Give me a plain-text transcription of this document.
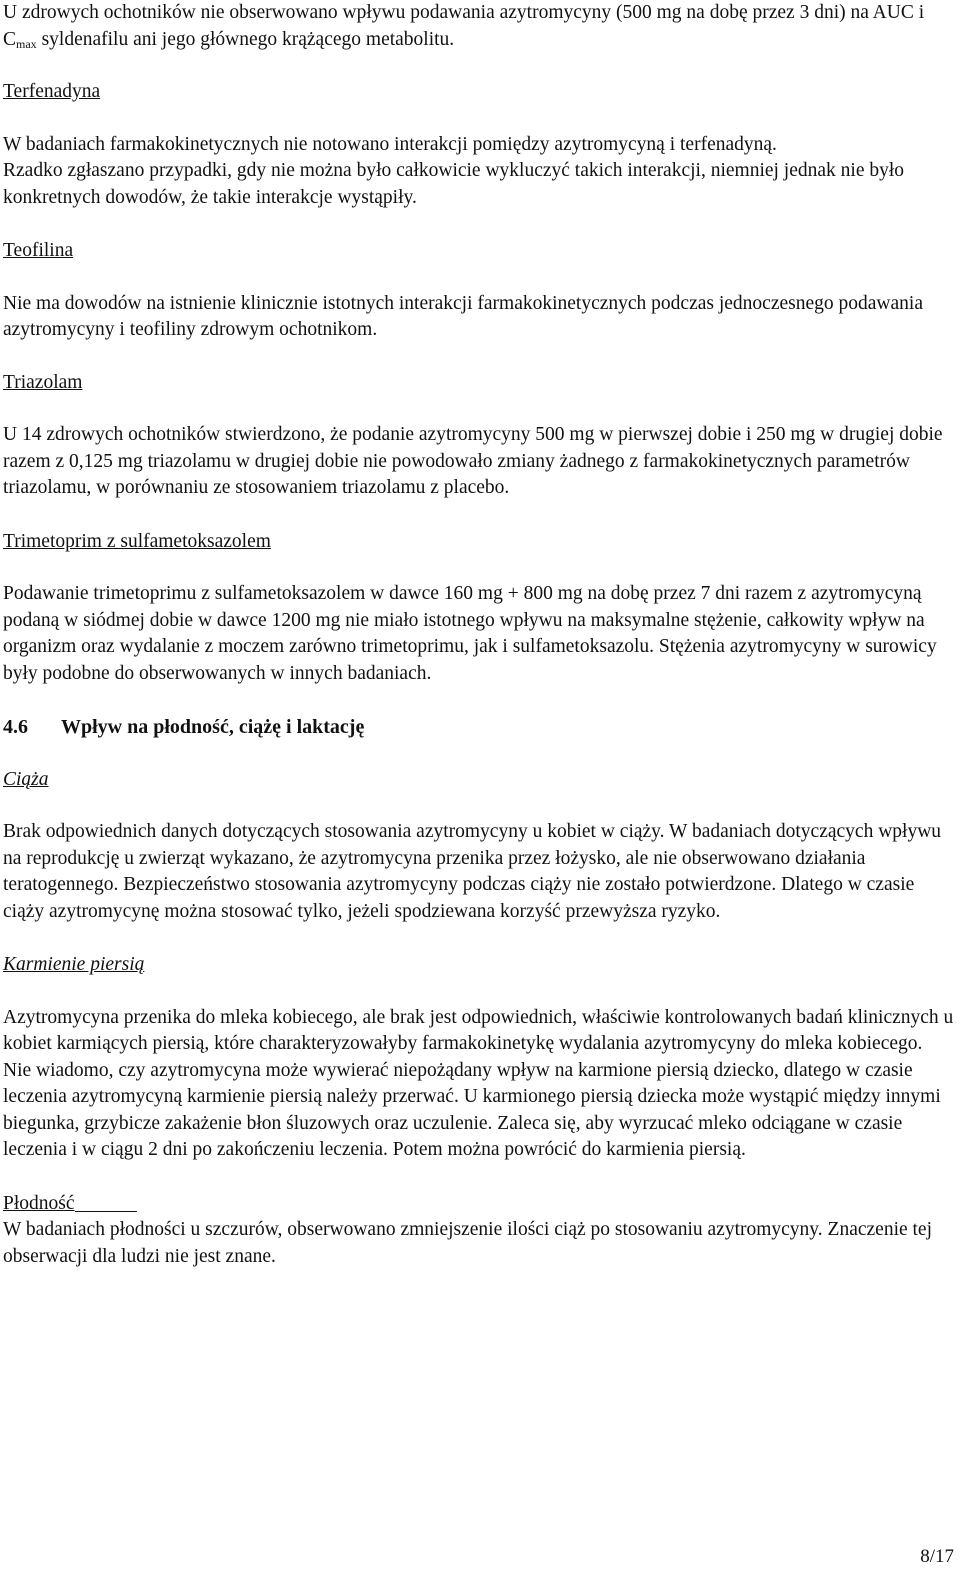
U zdrowych ochotników nie obserwowano wpływu podawania azytromycyny (500 mg na dobę przez 3 dni) na AUC i $C_{max}$ syldenafilu ani jego głównego krążącego metabolitu.

Terfenadyna

W badaniach farmakokinetycznych nie notowano interakcji pomiędzy azytromycyną i terfenadyną.

Rzadko zgłaszano przypadki, gdy nie można było całkowicie wykluczyć takich interakcji, niemniej jednak nie było konkretnych dowodów, że takie interakcje wystąpiły.

Teofilina

Nie ma dowodów na istnienie klinicznie istotnych interakcji farmakokinetycznych podczas jednoczesnego podawania azytromycyny i teofiliny zdrowym ochotnikom.

Triazolam

U 14 zdrowych ochotników stwierdzono, że podanie azytromycyny 500 mg w pierwszej dobie i 250 mg w drugiej dobie razem z 0,125 mg triazolamu w drugiej dobie nie powodowało zmiany żadnego z farmakokinetycznych parametrów triazolamu, w porównaniu ze stosowaniem triazolamu z placebo.

Trimetoprim z sulfametoksazolem

Podawanie trimetoprimu z sulfametoksazolem w dawce 160 mg + 800 mg na dobę przez 7 dni razem z azytromycyną podaną w siódmej dobie w dawce 1200 mg nie miało istotnego wpływu na maksymalne stężenie, całkowity wpływ na organizm oraz wydalanie z moczem zarówno trimetoprimu, jak i sulfametoksazolu. Stężenia azytromycyny w surowicy były podobne do obserwowanych w innych badaniach.

4.6 Wpływ na płodność, ciążę i laktację

Ciąża

Brak odpowiednich danych dotyczących stosowania azytromycyny u kobiet w ciąży. W badaniach dotyczących wpływu na reprodukcję u zwierząt wykazano, że azytromycyna przenika przez łożysko, ale nie obserwowano działania teratogennego. Bezpieczeństwo stosowania azytromycyny podczas ciąży nie zostało potwierdzone. Dlatego w czasie ciąży azytromycynę można stosować tylko, jeżeli spodziewana korzyść przewyższa ryzyko.

Karmienie piersią

Azytromycyna przenika do mleka kobiecego, ale brak jest odpowiednich, właściwie kontrolowanych badań klinicznych u kobiet karmiących piersią, które charakteryzowałyby farmakokinetykę wydalania azytromycyny do mleka kobiecego. Nie wiadomo, czy azytromycyna może wywierać niepożądany wpływ na karmione piersią dziecko, dlatego w czasie leczenia azytromycyną karmienie piersią należy przerwać. U karmionego piersią dziecka może wystąpić między innymi biegunka, grzybicze zakażenie błon śluzowych oraz uczulenie. Zaleca się, aby wyrzucać mleko odciągane w czasie leczenia i w ciągu 2 dni po zakończeniu leczenia. Potem można powrócić do karmienia piersią.

Płodność

W badaniach płodności u szczurów, obserwowano zmniejszenie ilości ciąż po stosowaniu azytromycyny. Znaczenie tej obserwacji dla ludzi nie jest znane.

8/17
